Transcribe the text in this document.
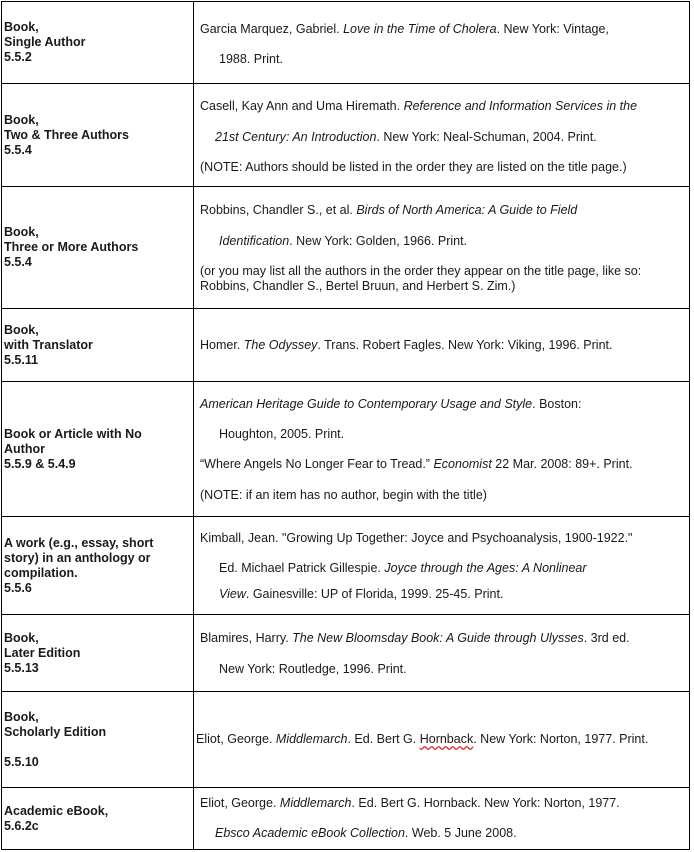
Book,
Single Author
5.5.2
Garcia Marquez, Gabriel. Love in the Time of Cholera. New York: Vintage,
1988. Print.
Book,
Two & Three Authors
5.5.4
Casell, Kay Ann and Uma Hiremath. Reference and Information Services in the
21st Century: An Introduction. New York: Neal-Schuman, 2004. Print.
(NOTE: Authors should be listed in the order they are listed on the title page.)
Book,
Three or More Authors
5.5.4
Robbins, Chandler S., et al. Birds of North America: A Guide to Field
Identification. New York: Golden, 1966. Print.
(or you may list all the authors in the order they appear on the title page, like so: Robbins, Chandler S., Bertel Bruun, and Herbert S. Zim.)
Book,
with Translator
5.5.11
Homer. The Odyssey. Trans. Robert Fagles. New York: Viking, 1996. Print.
Book or Article with No
Author
5.5.9 & 5.4.9
American Heritage Guide to Contemporary Usage and Style. Boston:
Houghton, 2005. Print.
“Where Angels No Longer Fear to Tread.” Economist 22 Mar. 2008: 89+. Print.
(NOTE: if an item has no author, begin with the title)
A work (e.g., essay, short
story) in an anthology or
compilation.
5.5.6
Kimball, Jean. "Growing Up Together: Joyce and Psychoanalysis, 1900-1922."
Ed. Michael Patrick Gillespie. Joyce through the Ages: A Nonlinear
View. Gainesville: UP of Florida, 1999. 25-45. Print.
Book,
Later Edition
5.5.13
Blamires, Harry. The New Bloomsday Book: A Guide through Ulysses. 3rd ed.
New York: Routledge, 1996. Print.
Book,
Scholarly Edition

5.5.10
Eliot, George. Middlemarch. Ed. Bert G. Hornback. New York: Norton, 1977. Print.
Academic eBook,
5.6.2c
Eliot, George. Middlemarch. Ed. Bert G. Hornback. New York: Norton, 1977.
Ebsco Academic eBook Collection. Web. 5 June 2008.
